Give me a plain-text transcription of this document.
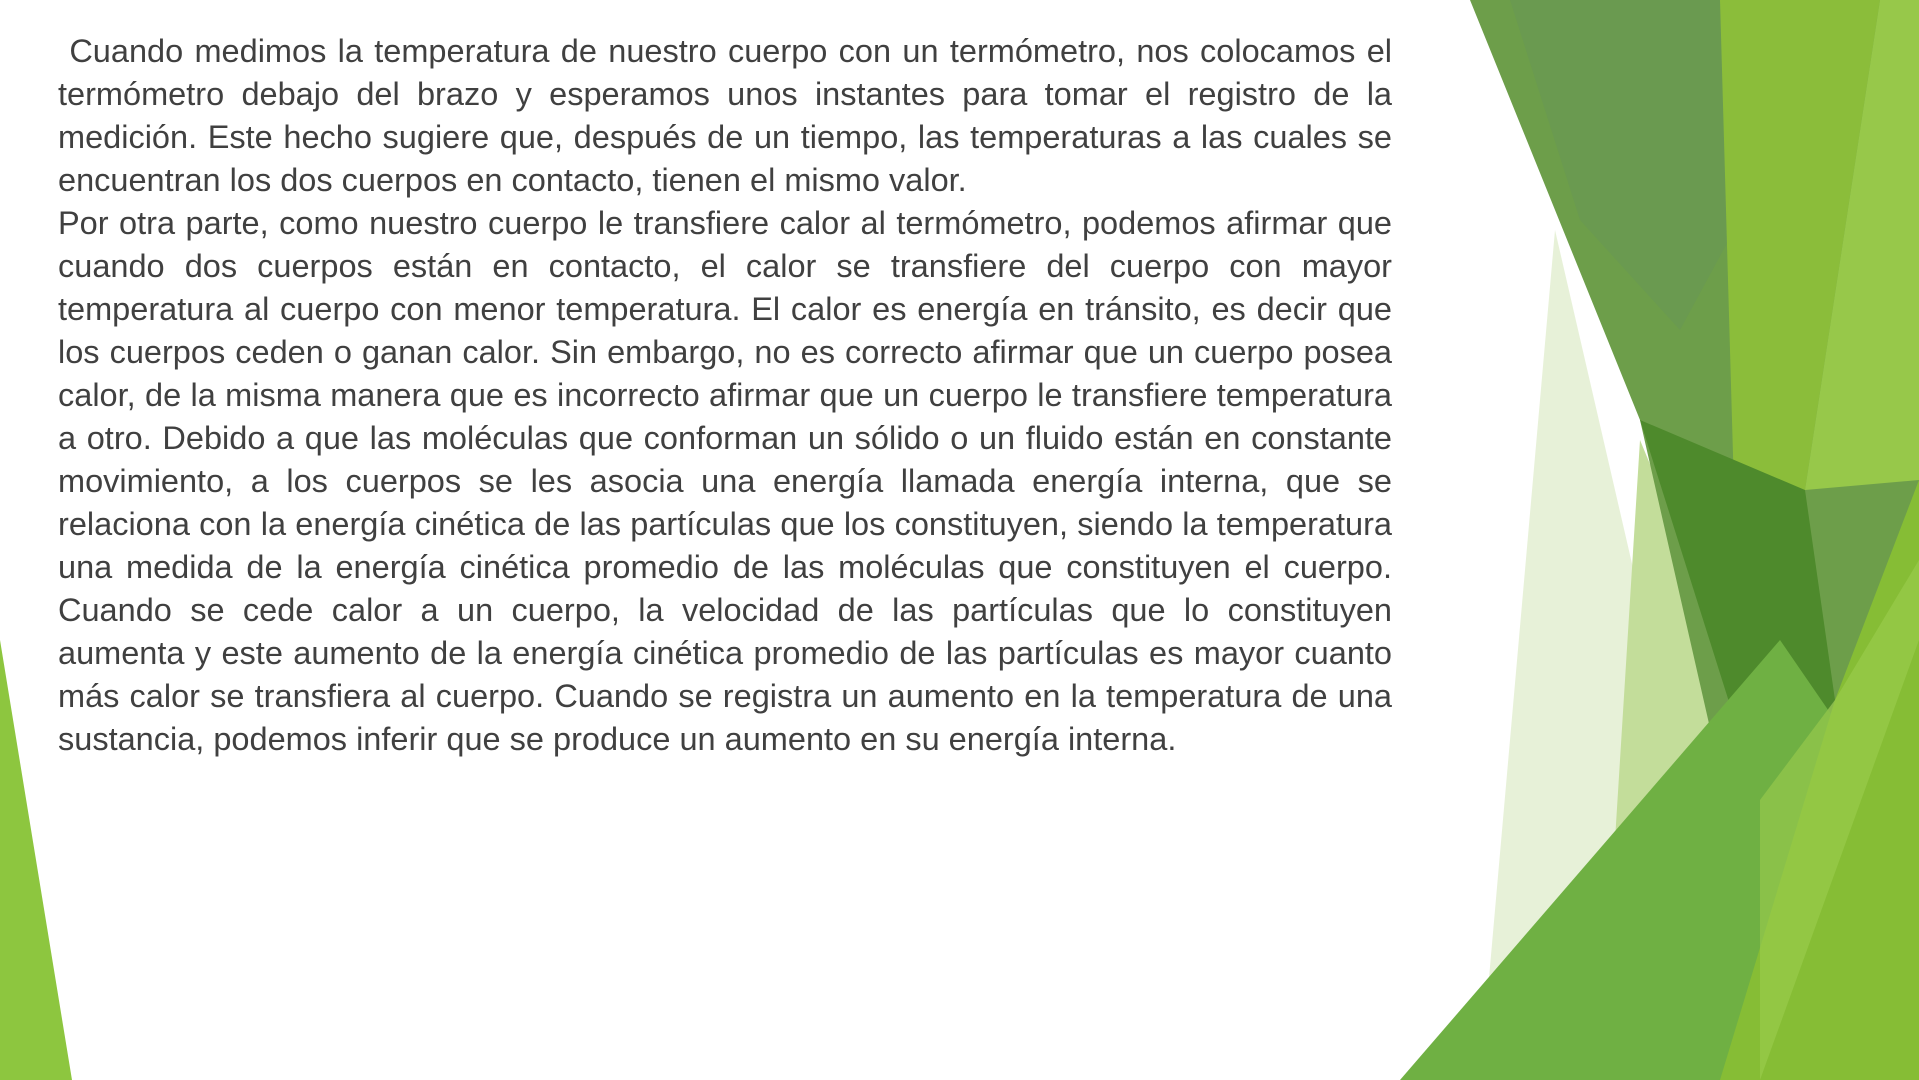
Cuando medimos la temperatura de nuestro cuerpo con un termómetro, nos colocamos el termómetro debajo del brazo y esperamos unos instantes para tomar el registro de la medición. Este hecho sugiere que, después de un tiempo, las temperaturas a las cuales se encuentran los dos cuerpos en contacto, tienen el mismo valor.

Por otra parte, como nuestro cuerpo le transfiere calor al termómetro, podemos afirmar que cuando dos cuerpos están en contacto, el calor se transfiere del cuerpo con mayor temperatura al cuerpo con menor temperatura. El calor es energía en tránsito, es decir que los cuerpos ceden o ganan calor. Sin embargo, no es correcto afirmar que un cuerpo posea calor, de la misma manera que es incorrecto afirmar que un cuerpo le transfiere temperatura a otro. Debido a que las moléculas que conforman un sólido o un fluido están en constante movimiento, a los cuerpos se les asocia una energía llamada energía interna, que se relaciona con la energía cinética de las partículas que los constituyen, siendo la temperatura una medida de la energía cinética promedio de las moléculas que constituyen el cuerpo. Cuando se cede calor a un cuerpo, la velocidad de las partículas que lo constituyen aumenta y este aumento de la energía cinética promedio de las partículas es mayor cuanto más calor se transfiera al cuerpo. Cuando se registra un aumento en la temperatura de una sustancia, podemos inferir que se produce un aumento en su energía interna.
